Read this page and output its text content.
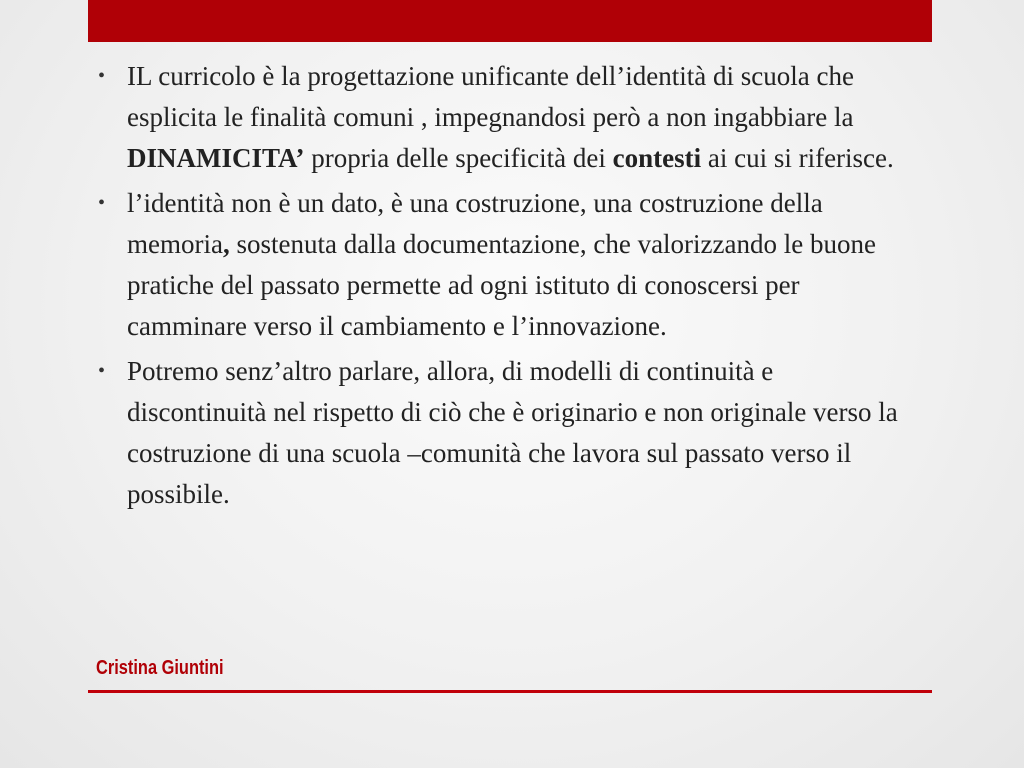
• IL curricolo è la progettazione unificante dell’identità di scuola che esplicita le finalità comuni , impegnandosi però a non ingabbiare la DINAMICITA’ propria delle specificità dei contesti ai cui si riferisce.
• l’identità non è un dato, è una costruzione, una costruzione della memoria, sostenuta dalla documentazione, che valorizzando le buone pratiche del passato permette ad ogni istituto di conoscersi per camminare verso il cambiamento e l’innovazione.
• Potremo senz’altro parlare, allora, di modelli di continuità e discontinuità nel rispetto di ciò che è originario e non originale verso la costruzione di una scuola –comunità che lavora sul passato verso il possibile.
Cristina Giuntini
